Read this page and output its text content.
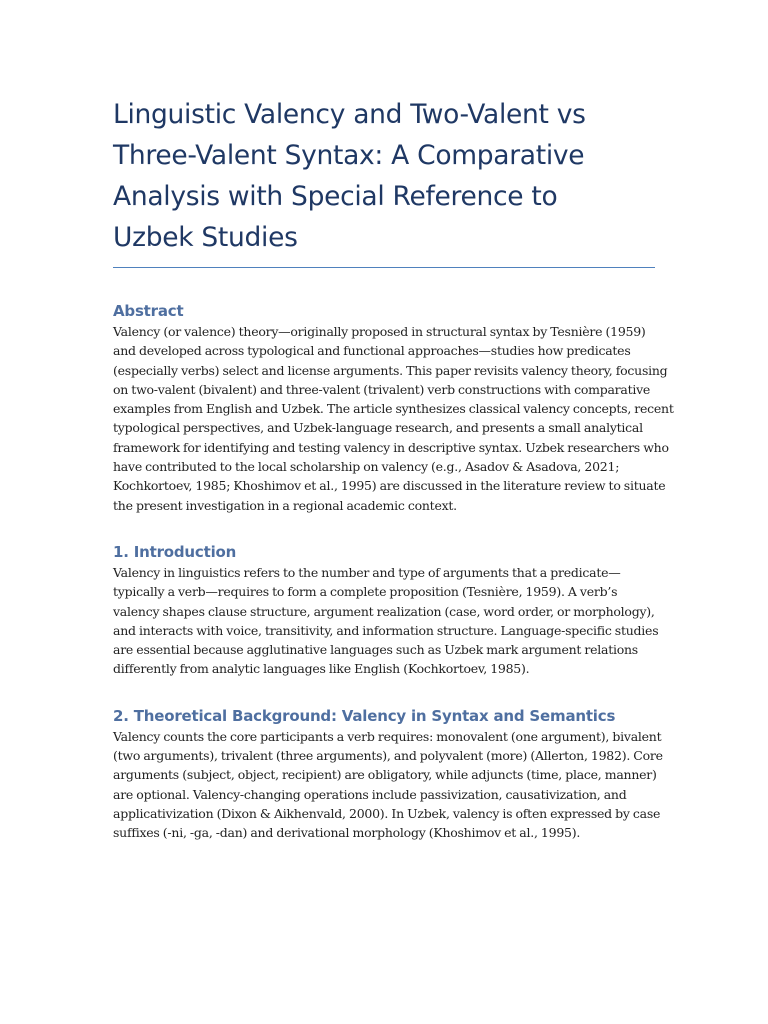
Linguistic Valency and Two-Valent vs
Three-Valent Syntax: A Comparative
Analysis with Special Reference to
Uzbek Studies
Abstract

Valency (or valence) theory—originally proposed in structural syntax by Tesnière (1959)
and developed across typological and functional approaches—studies how predicates
(especially verbs) select and license arguments. This paper revisits valency theory, focusing
on two-valent (bivalent) and three-valent (trivalent) verb constructions with comparative
examples from English and Uzbek. The article synthesizes classical valency concepts, recent
typological perspectives, and Uzbek-language research, and presents a small analytical
framework for identifying and testing valency in descriptive syntax. Uzbek researchers who
have contributed to the local scholarship on valency (e.g., Asadov & Asadova, 2021;
Kochkortoev, 1985; Khoshimov et al., 1995) are discussed in the literature review to situate
the present investigation in a regional academic context.

1. Introduction

Valency in linguistics refers to the number and type of arguments that a predicate—
typically a verb—requires to form a complete proposition (Tesnière, 1959). A verb’s
valency shapes clause structure, argument realization (case, word order, or morphology),
and interacts with voice, transitivity, and information structure. Language-specific studies
are essential because agglutinative languages such as Uzbek mark argument relations
differently from analytic languages like English (Kochkortoev, 1985).

2. Theoretical Background: Valency in Syntax and Semantics

Valency counts the core participants a verb requires: monovalent (one argument), bivalent
(two arguments), trivalent (three arguments), and polyvalent (more) (Allerton, 1982). Core
arguments (subject, object, recipient) are obligatory, while adjuncts (time, place, manner)
are optional. Valency-changing operations include passivization, causativization, and
applicativization (Dixon & Aikhenvald, 2000). In Uzbek, valency is often expressed by case
suffixes (-ni, -ga, -dan) and derivational morphology (Khoshimov et al., 1995).
